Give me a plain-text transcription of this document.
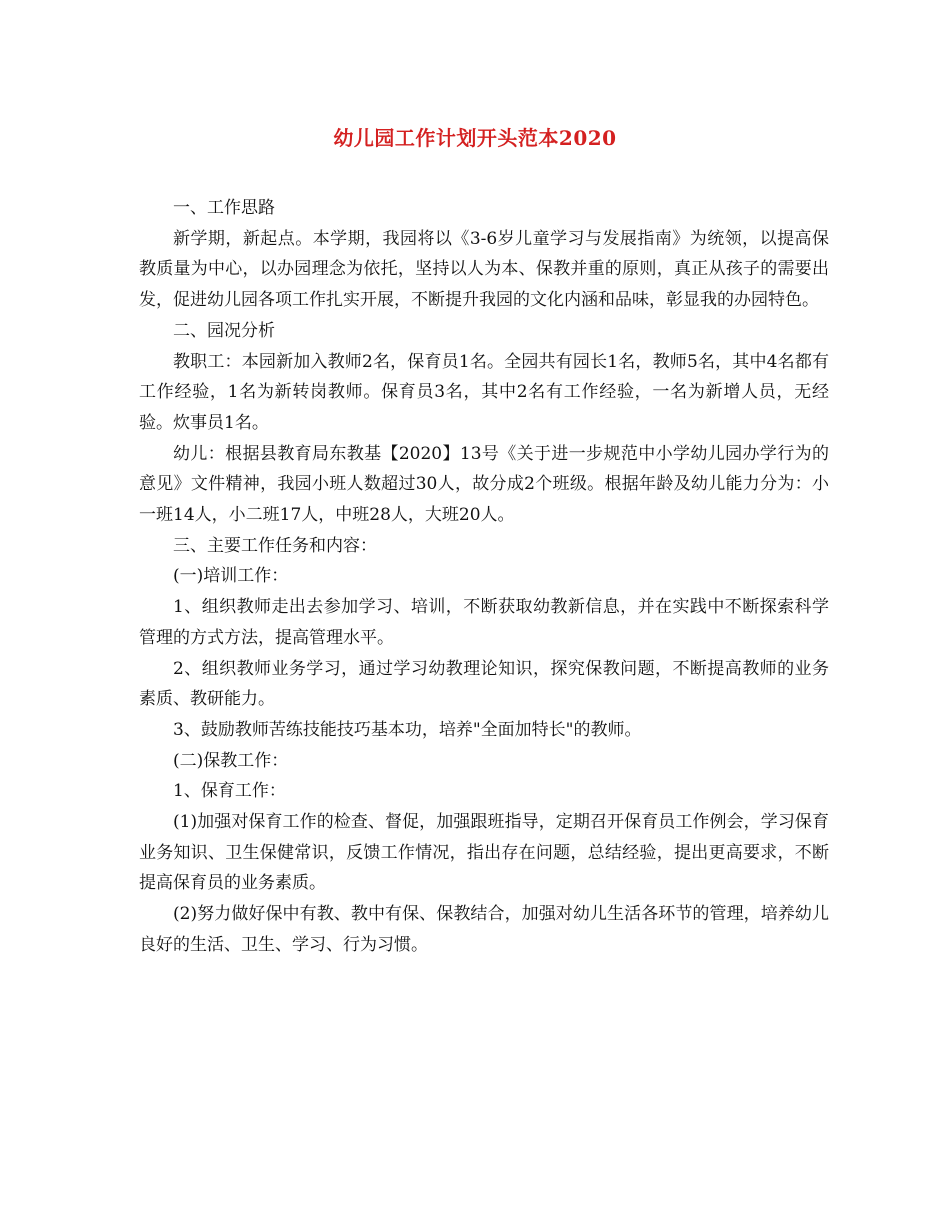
幼儿园工作计划开头范本2020

一、工作思路

新学期，新起点。本学期，我园将以《3-6岁儿童学习与发展指南》为统领，以提高保教质量为中心，以办园理念为依托，坚持以人为本、保教并重的原则，真正从孩子的需要出发，促进幼儿园各项工作扎实开展，不断提升我园的文化内涵和品味，彰显我的办园特色。

二、园况分析

教职工：本园新加入教师2名，保育员1名。全园共有园长1名，教师5名，其中4名都有工作经验，1名为新转岗教师。保育员3名，其中2名有工作经验，一名为新增人员，无经验。炊事员1名。

幼儿：根据县教育局东教基【2020】13号《关于进一步规范中小学幼儿园办学行为的意见》文件精神，我园小班人数超过30人，故分成2个班级。根据年龄及幼儿能力分为：小一班14人，小二班17人，中班28人，大班20人。

三、主要工作任务和内容：

(一)培训工作：

1、组织教师走出去参加学习、培训，不断获取幼教新信息，并在实践中不断探索科学管理的方式方法，提高管理水平。

2、组织教师业务学习，通过学习幼教理论知识，探究保教问题，不断提高教师的业务素质、教研能力。

3、鼓励教师苦练技能技巧基本功，培养"全面加特长"的教师。

(二)保教工作：

1、保育工作：

(1)加强对保育工作的检查、督促，加强跟班指导，定期召开保育员工作例会，学习保育业务知识、卫生保健常识，反馈工作情况，指出存在问题，总结经验，提出更高要求，不断提高保育员的业务素质。

(2)努力做好保中有教、教中有保、保教结合，加强对幼儿生活各环节的管理，培养幼儿良好的生活、卫生、学习、行为习惯。
